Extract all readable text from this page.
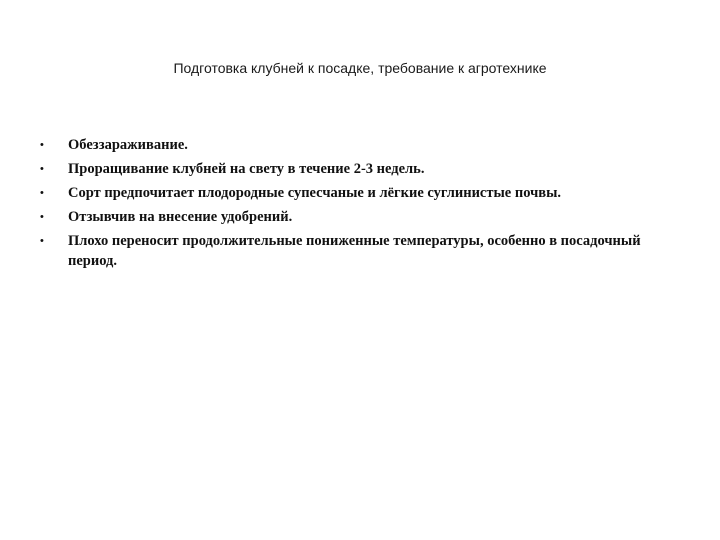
Подготовка клубней к посадке, требование к агротехнике
•	Обеззараживание.
•	Проращивание клубней на свету в течение 2-3 недель.
•	Сорт предпочитает плодородные супесчаные и лёгкие суглинистые почвы.
•	Отзывчив на внесение удобрений.
•	Плохо переносит продолжительные пониженные температуры, особенно в посадочный период.
